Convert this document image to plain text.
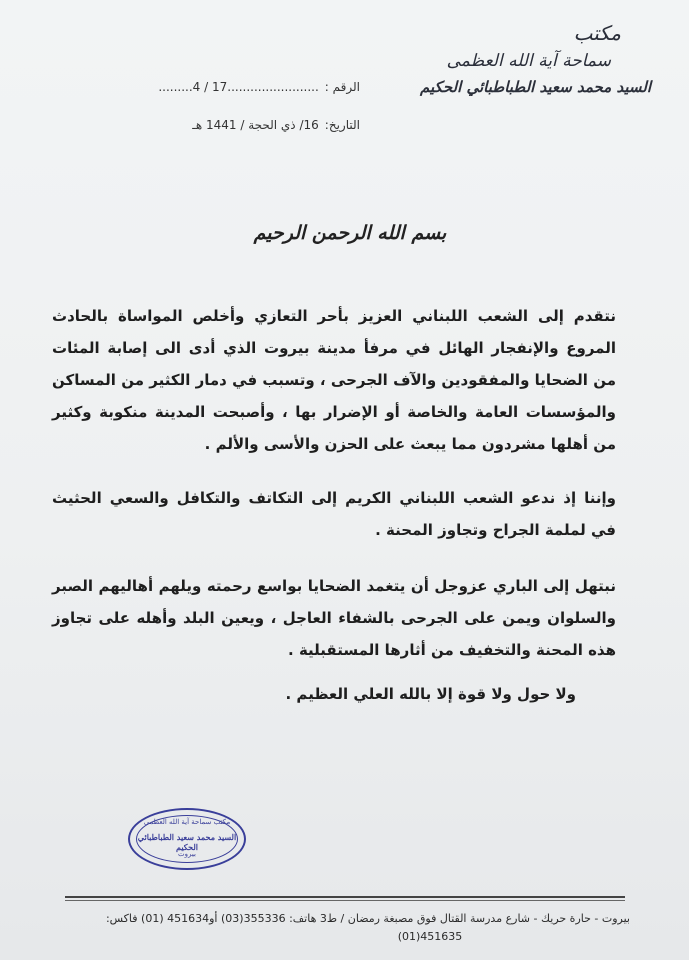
مكتب
سماحة آية الله العظمى
السيد محمد سعيد الطباطبائي الحكيم
الرقم :
.........4 / 17........................
التاريخ:
16/ ذي الحجة / 1441 هـ
بسم الله الرحمن الرحيم

نتقدم إلى الشعب اللبناني العزيز بأحر التعازي وأخلص المواساة بالحادث المروع والإنفجار الهائل في مرفأ مدينة بيروت الذي أدى الى إصابة المئات من الضحايا والمفقودين والآف الجرحى ، وتسبب في دمار الكثير من المساكن والمؤسسات العامة والخاصة أو الإضرار بها ، وأصبحت المدينة منكوبة وكثير من أهلها مشردون مما يبعث على الحزن والأسى والألم .

وإننا إذ ندعو الشعب اللبناني الكريم إلى التكاتف والتكافل والسعي الحثيث في لملمة الجراح وتجاوز المحنة .

نبتهل إلى الباري عزوجل أن يتغمد الضحايا بواسع رحمته ويلهم أهاليهم الصبر والسلوان ويمن على الجرحى بالشفاء العاجل ، ويعين البلد وأهله على تجاوز هذه المحنة والتخفيف من أثارها المستقبلية .

ولا حول ولا قوة إلا بالله العلي العظيم .

مكتب سماحة آية الله العظمى
السيد محمد سعيد الطباطبائي الحكيم
بيروت
بيروت - حارة حريك - شارع مدرسة القتال فوق مصبغة رمضان / ط3 هاتف: 355336(03) أو451634 (01) فاكس:
(01)451635
